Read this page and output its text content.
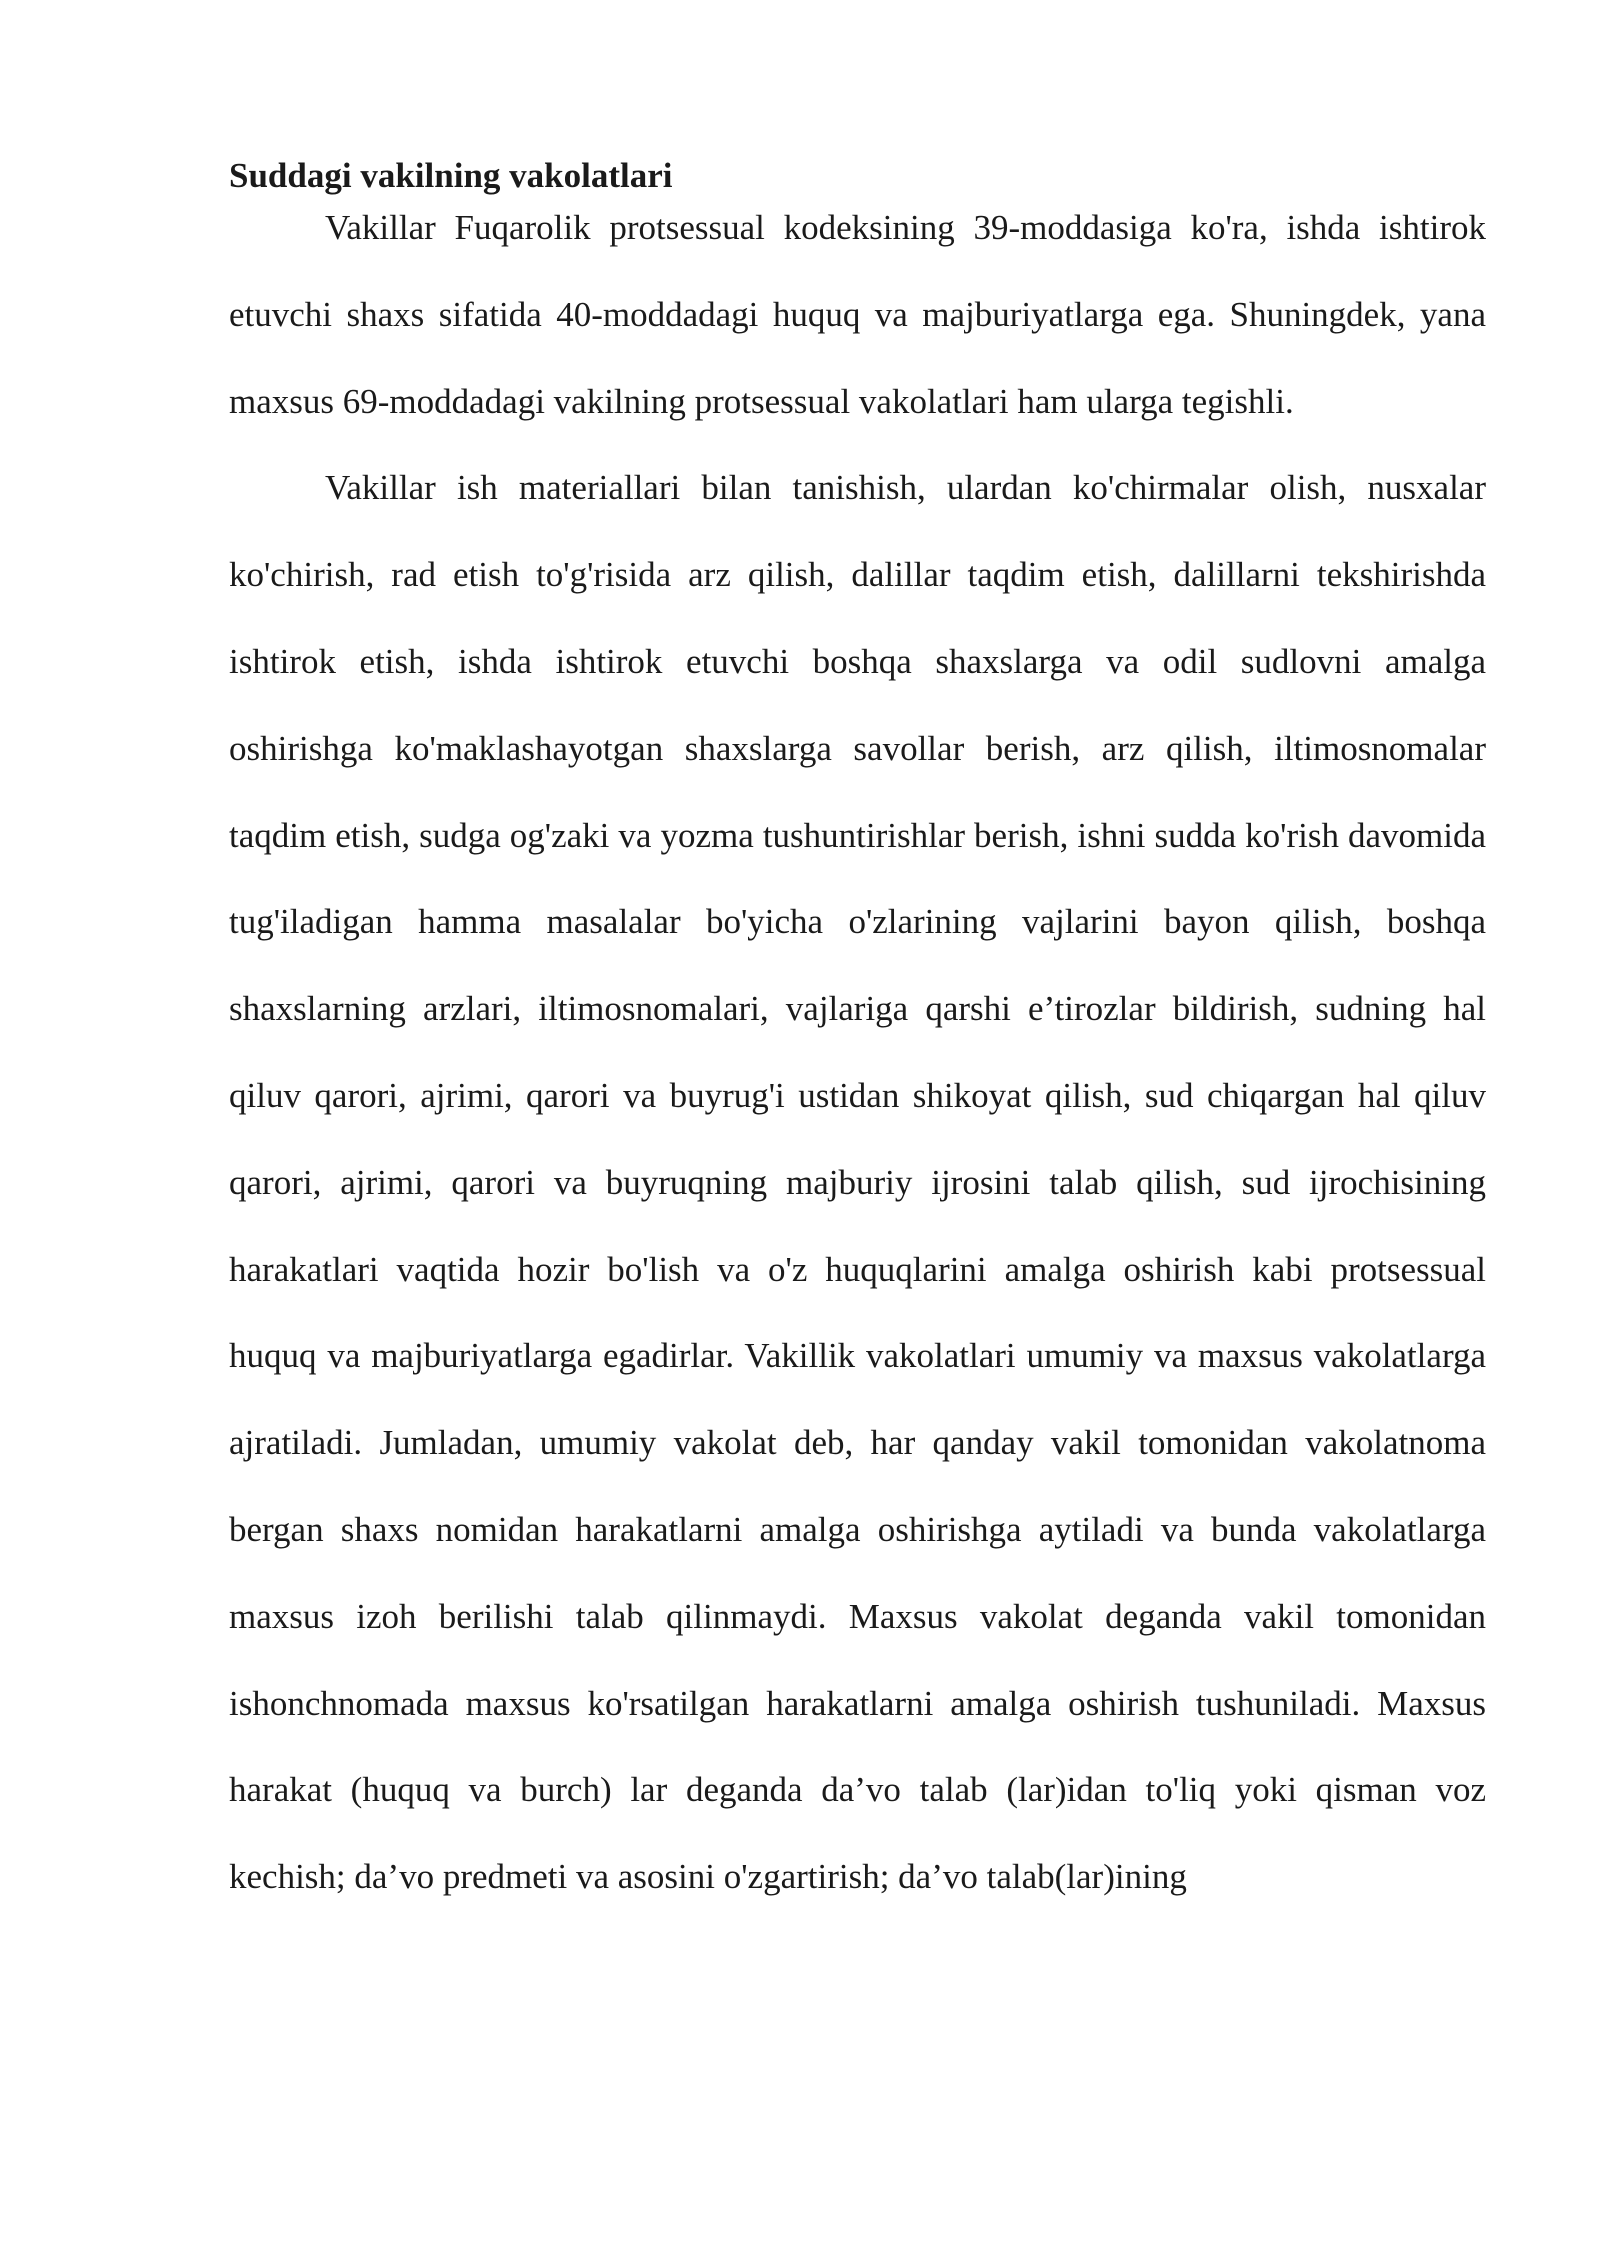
Suddagi vakilning vakolatlari

Vakillar Fuqarolik protsessual kodeksining 39-moddasiga ko'ra, ishda ishtirok etuvchi shaxs sifatida 40-moddadagi huquq va majburiyatlarga ega. Shuningdek, yana maxsus 69-moddadagi vakilning protsessual vakolatlari ham ularga tegishli.

Vakillar ish materiallari bilan tanishish, ulardan ko'chirmalar olish, nusxalar ko'chirish, rad etish to'g'risida arz qilish, dalillar taqdim etish, dalillarni tekshirishda ishtirok etish, ishda ishtirok etuvchi boshqa shaxslarga va odil sudlovni amalga oshirishga ko'maklashayotgan shaxslarga savollar berish, arz qilish, iltimosnomalar taqdim etish, sudga og'zaki va yozma tushuntirishlar berish, ishni sudda ko'rish davomida tug'iladigan hamma masalalar bo'yicha o'zlarining vajlarini bayon qilish, boshqa shaxslarning arzlari, iltimosnomalari, vajlariga qarshi e’tirozlar bildirish, sudning hal qiluv qarori, ajrimi, qarori va buyrug'i ustidan shikoyat qilish, sud chiqargan hal qiluv qarori, ajrimi, qarori va buyruqning majburiy ijrosini talab qilish, sud ijrochisining harakatlari vaqtida hozir bo'lish va o'z huquqlarini amalga oshirish kabi protsessual huquq va majburiyatlarga egadirlar. Vakillik vakolatlari umumiy va maxsus vakolatlarga ajratiladi. Jumladan, umumiy vakolat deb, har qanday vakil tomonidan vakolatnoma bergan shaxs nomidan harakatlarni amalga oshirishga aytiladi va bunda vakolatlarga maxsus izoh berilishi talab qilinmaydi. Maxsus vakolat deganda vakil tomonidan ishonchnomada maxsus ko'rsatilgan harakatlarni amalga oshirish tushuniladi. Maxsus harakat (huquq va burch) lar deganda da’vo talab (lar)idan to'liq yoki qisman voz kechish; da’vo predmeti va asosini o'zgartirish; da’vo talab(lar)ining
